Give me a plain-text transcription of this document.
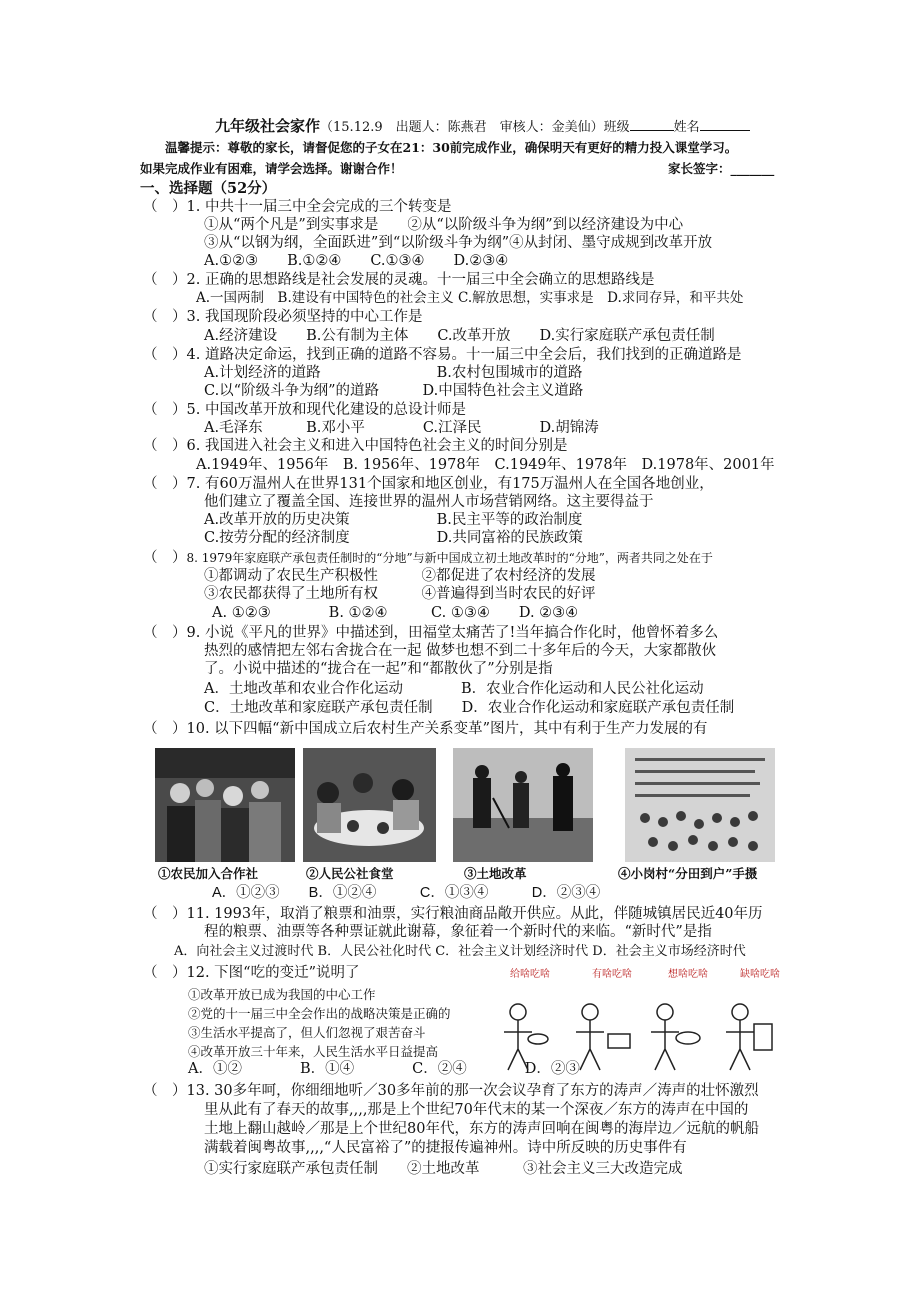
九年级社会家作（15.12.9　出题人：陈燕君　审核人：金美仙）班级	姓名
温馨提示：尊敬的家长，请督促您的子女在21：30前完成作业，确保明天有更好的精力投入课堂学习。
如果完成作业有困难，请学会选择。谢谢合作！	家长签字：_______
一、选择题（52分）
（　）1. 中共十一届三中全会完成的三个转变是
①从“两个凡是”到实事求是　　②从“以阶级斗争为纲”到以经济建设为中心
③从“以钢为纲，全面跃进”到“以阶级斗争为纲”④从封闭、墨守成规到改革开放
A.①②③　　B.①②④　　C.①③④　　D.②③④
（　）2. 正确的思想路线是社会发展的灵魂。十一届三中全会确立的思想路线是
A.一国两制　B.建设有中国特色的社会主义 C.解放思想，实事求是　D.求同存异，和平共处
（　）3. 我国现阶段必须坚持的中心工作是
A.经济建设　　B.公有制为主体　　C.改革开放　　D.实行家庭联产承包责任制
（　）4. 道路决定命运，找到正确的道路不容易。十一届三中全会后，我们找到的正确道路是
A.计划经济的道路　　　　　　　　B.农村包围城市的道路
C.以“阶级斗争为纲”的道路　　　D.中国特色社会主义道路
（　）5. 中国改革开放和现代化建设的总设计师是
A.毛泽东　　　B.邓小平　　　　C.江泽民　　　　D.胡锦涛
（　）6. 我国进入社会主义和进入中国特色社会主义的时间分别是
A.1949年、1956年　B. 1956年、1978年　C.1949年、1978年　D.1978年、2001年
（　）7. 有60万温州人在世界131个国家和地区创业，有175万温州人在全国各地创业，
他们建立了覆盖全国、连接世界的温州人市场营销网络。这主要得益于
A.改革开放的历史决策　　　　　　B.民主平等的政治制度
C.按劳分配的经济制度　　　　　　D.共同富裕的民族政策
（　）8. 1979年家庭联产承包责任制时的“分地”与新中国成立初土地改革时的“分地”，两者共同之处在于
①都调动了农民生产积极性　　　②都促进了农村经济的发展
③农民都获得了土地所有权　　　④普遍得到当时农民的好评
A. ①②③　　　　B. ①②④　　　C. ①③④　　D. ②③④
（　）9. 小说《平凡的世界》中描述到，田福堂太痛苦了!当年搞合作化时，他曾怀着多么
热烈的感情把左邻右舍拢合在一起 做梦也想不到二十多年后的今天，大家都散伙
了。小说中描述的“拢合在一起”和“都散伙了”分别是指
A．土地改革和农业合作化运动　　　　B．农业合作化运动和人民公社化运动
C．土地改革和家庭联产承包责任制　　D．农业合作化运动和家庭联产承包责任制
（　）10. 以下四幅“新中国成立后农村生产关系变革”图片，其中有利于生产力发展的有
①农民加入合作社	②人民公社食堂	③土地改革	④小岗村“分田到户”手摄
A．①②③　　B．①②④　　　C．①③④　　　D．②③④
（　）11. 1993年，取消了粮票和油票，实行粮油商品敞开供应。从此，伴随城镇居民近40年历
程的粮票、油票等各种票证就此谢幕，象征着一个新时代的来临。“新时代”是指
A．向社会主义过渡时代 B．人民公社化时代 C．社会主义计划经济时代 D．社会主义市场经济时代
（　）12. 下图“吃的变迁”说明了
①改革开放已成为我国的中心工作
②党的十一届三中全会作出的战略决策是正确的
③生活水平提高了，但人们忽视了艰苦奋斗
④改革开放三十年来，人民生活水平日益提高
A．①②　　　　B．①④　　　　C．②④　　　　D．②③
给啥吃啥	有啥吃啥	想啥吃啥	缺啥吃啥
（　）13. 30多年呵，你细细地听／30多年前的那一次会议孕育了东方的涛声／涛声的壮怀激烈
里从此有了春天的故事,,,,那是上个世纪70年代末的某一个深夜／东方的涛声在中国的
土地上翻山越岭／那是上个世纪80年代，东方的涛声回响在闽粤的海岸边／远航的帆船
满载着闽粤故事,,,,“人民富裕了”的捷报传遍神州。诗中所反映的历史事件有
①实行家庭联产承包责任制　　②土地改革　　　③社会主义三大改造完成
